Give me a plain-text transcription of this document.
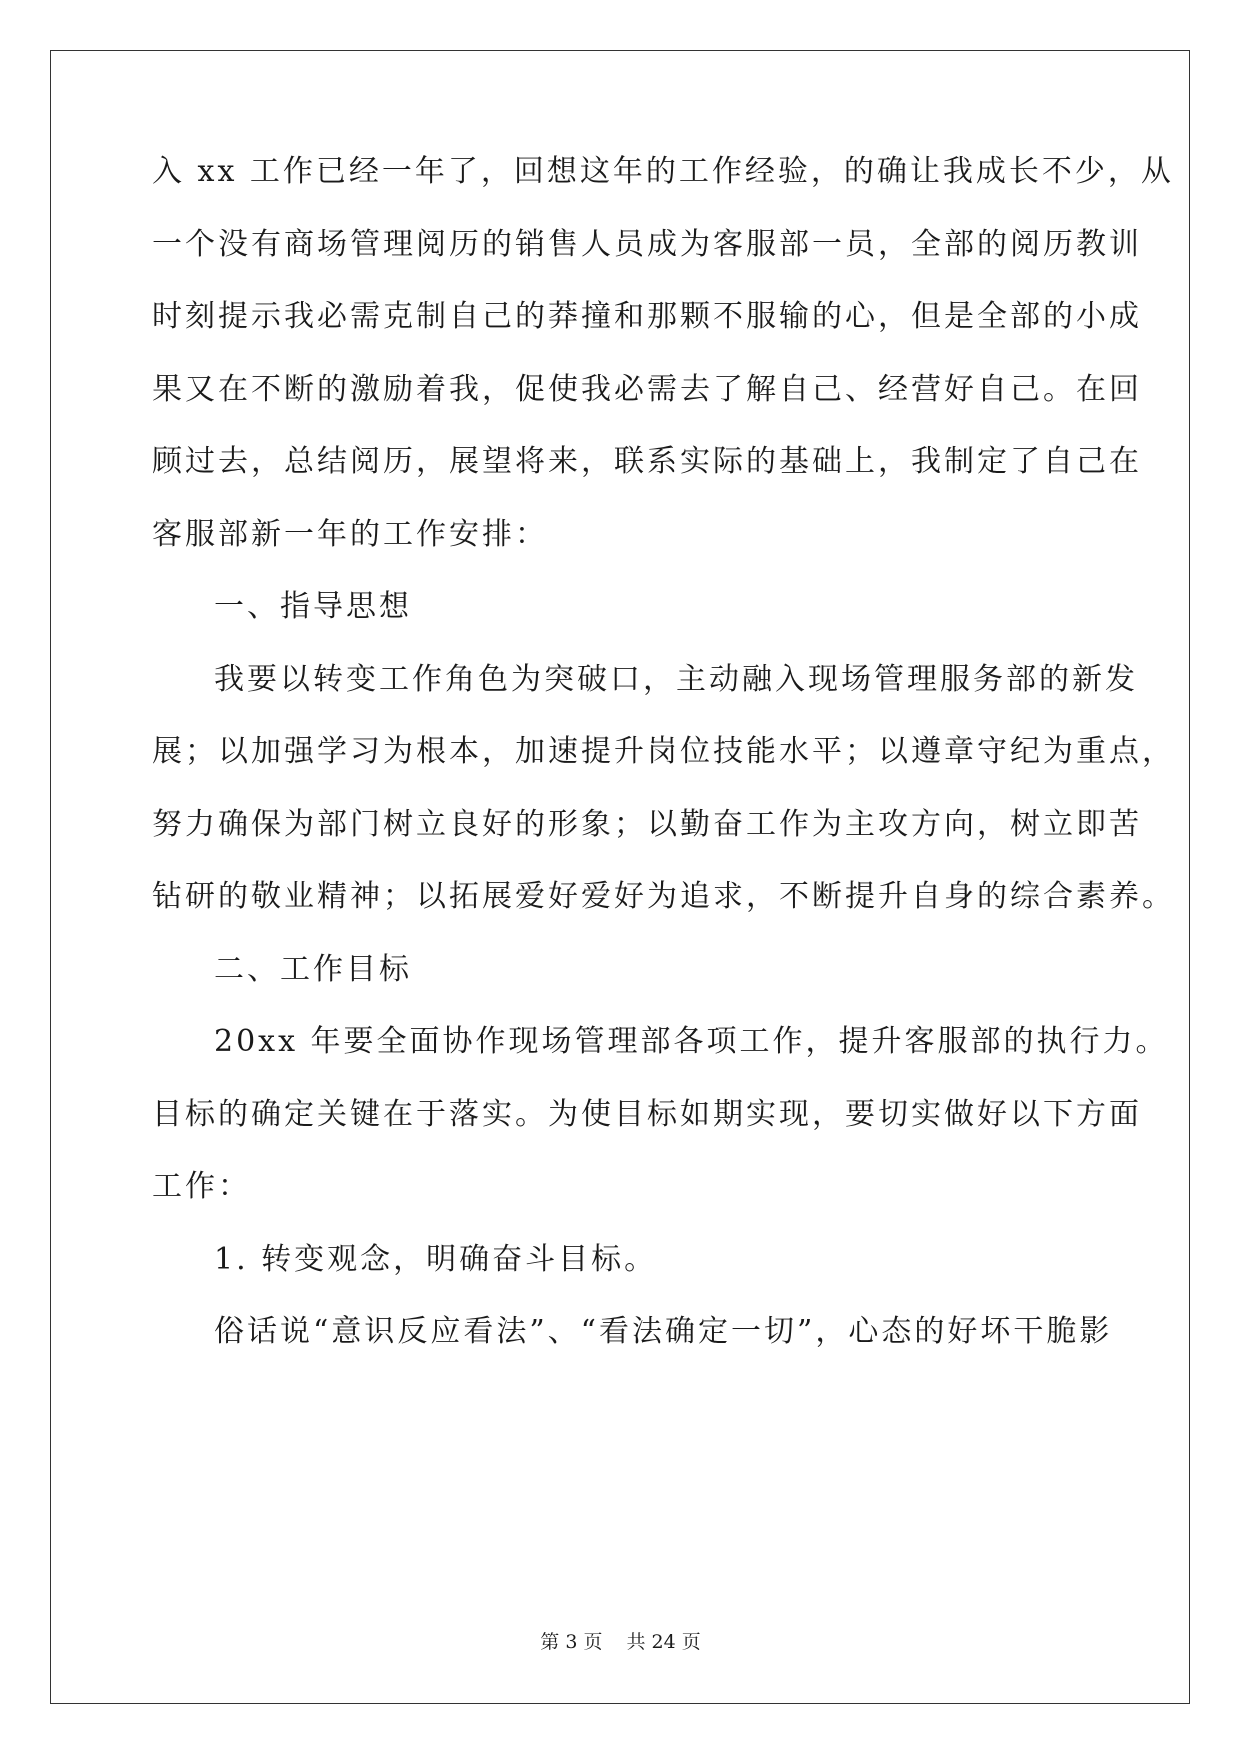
入 xx 工作已经一年了，回想这年的工作经验，的确让我成长不少，从
一个没有商场管理阅历的销售人员成为客服部一员，全部的阅历教训
时刻提示我必需克制自己的莽撞和那颗不服输的心，但是全部的小成
果又在不断的激励着我，促使我必需去了解自己、经营好自己。在回
顾过去，总结阅历，展望将来，联系实际的基础上，我制定了自己在
客服部新一年的工作安排：
一、指导思想
我要以转变工作角色为突破口，主动融入现场管理服务部的新发
展；以加强学习为根本，加速提升岗位技能水平；以遵章守纪为重点，
努力确保为部门树立良好的形象；以勤奋工作为主攻方向，树立即苦
钻研的敬业精神；以拓展爱好爱好为追求，不断提升自身的综合素养。
二、工作目标
20xx 年要全面协作现场管理部各项工作，提升客服部的执行力。
目标的确定关键在于落实。为使目标如期实现，要切实做好以下方面
工作：
1. 转变观念，明确奋斗目标。
俗话说“意识反应看法”、“看法确定一切”，心态的好坏干脆影
第 3 页 共 24 页
